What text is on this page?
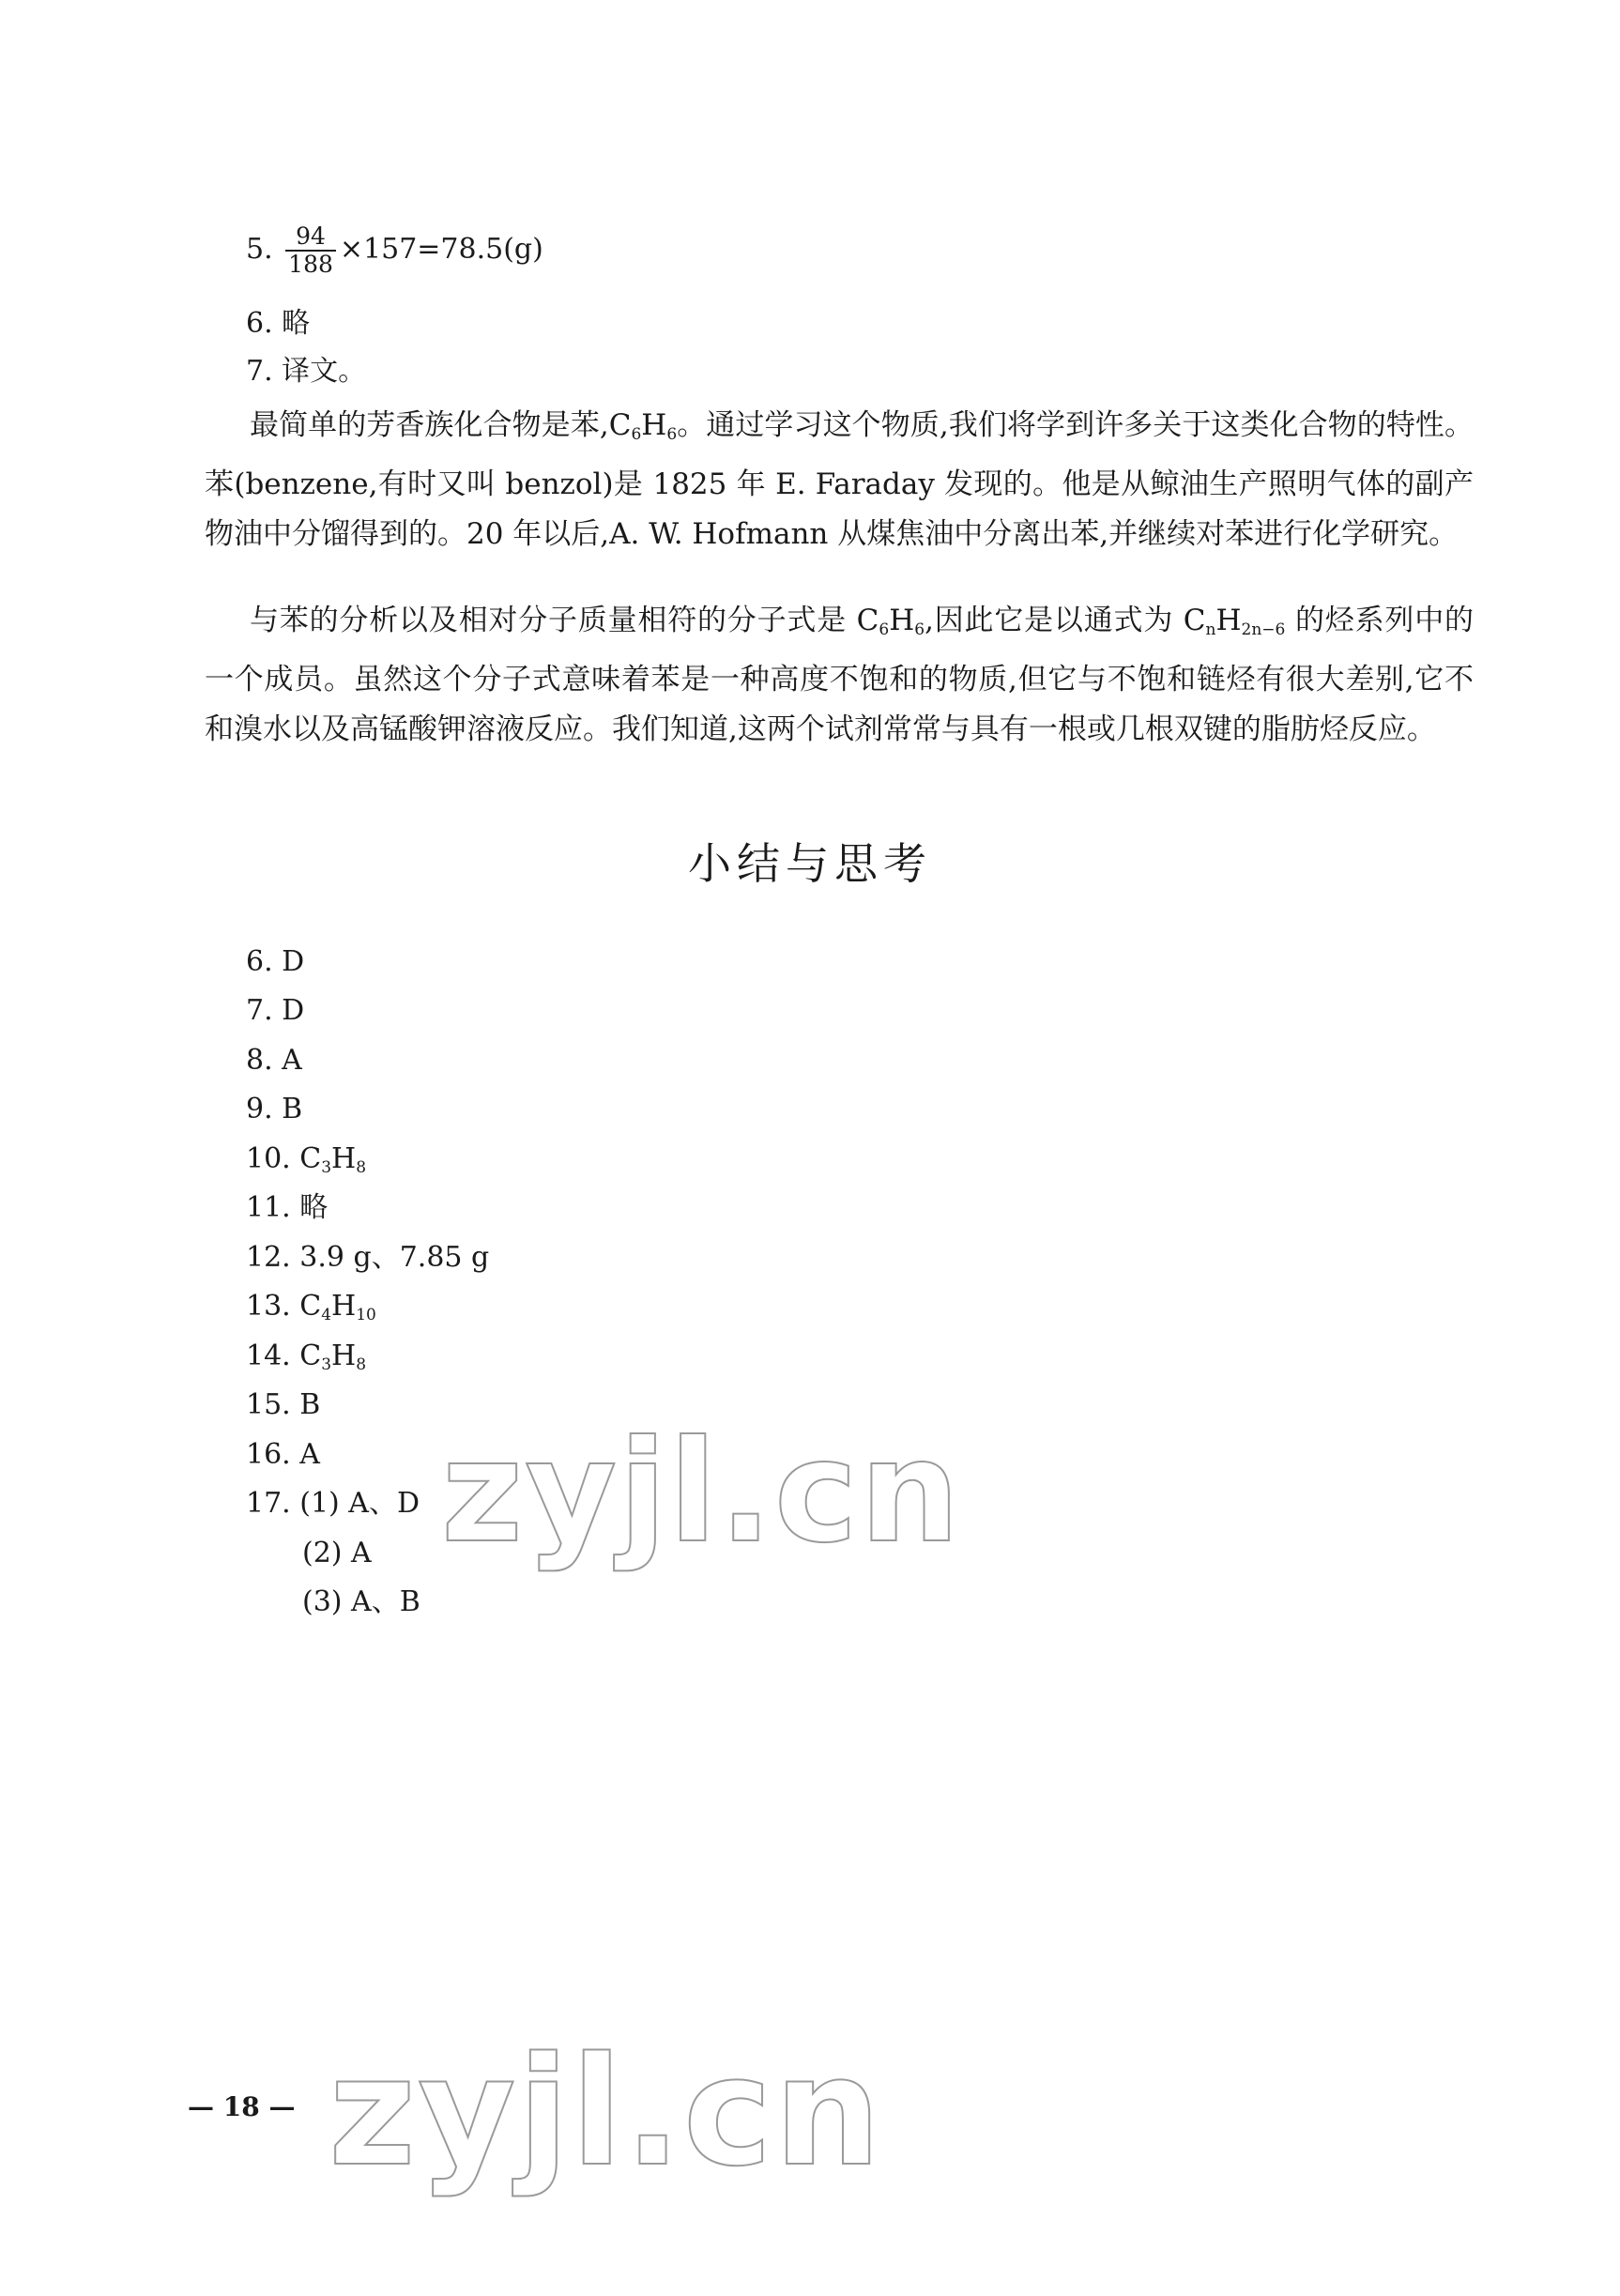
5. $\frac{94}{188} \times 157=78.5(g)$
6. 略
7. 译文。
最简单的芳香族化合物是苯$,C_6H_6$。通过学习这个物质,我们将学到许多关于这类化合物的特性。苯(benzene,有时又叫 benzol)是 1825 年 E. Faraday 发现的。他是从鲸油生产照明气体的副产物油中分馏得到的。20 年以后,A. W. Hofmann 从煤焦油中分离出苯,并继续对苯进行化学研究。
与苯的分析以及相对分子质量相符的分子式是 $C_6H_6$,因此它是以通式为 $C_nH_{2n-6}$ 的烃系列中的一个成员。虽然这个分子式意味着苯是一种高度不饱和的物质,但它与不饱和链烃有很大差别,它不和溴水以及高锰酸钾溶液反应。我们知道,这两个试剂常常与具有一根或几根双键的脂肪烃反应。
小结与思考
6. D
7. D
8. A
9. B
10. $C_3H_8$
11. 略
12. 3.9 g、7.85 g
13. $C_4H_{10}$
14. $C_3H_8$
15. B
16. A
17. (1) A、D
(2) A
(3) A、B
zyjl.cn
zyjl.cn
— 18 —
